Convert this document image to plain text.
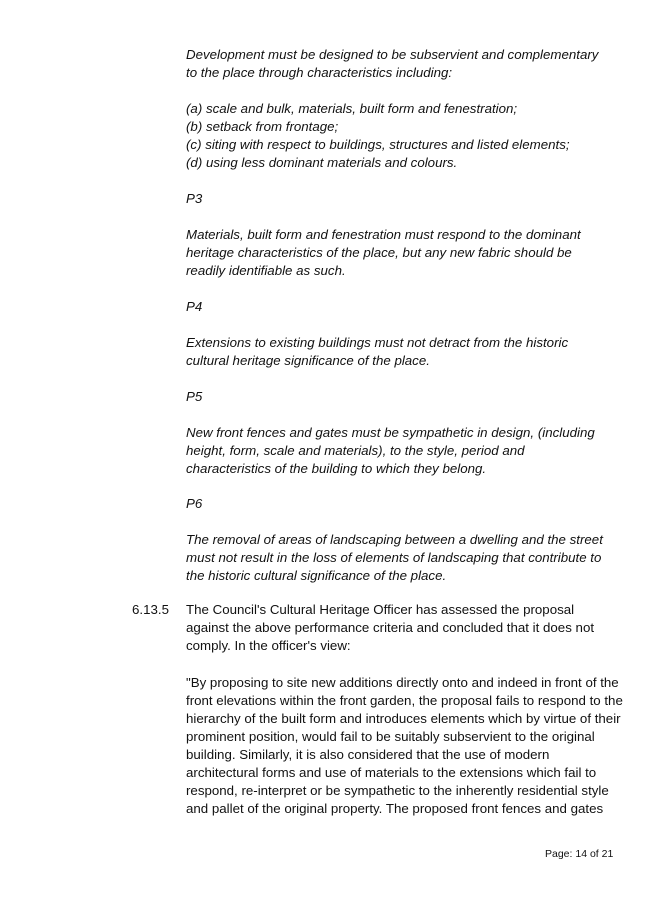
Development must be designed to be subservient and complementary
to the place through characteristics including:
(a) scale and bulk, materials, built form and fenestration;
(b) setback from frontage;
(c) siting with respect to buildings, structures and listed elements;
(d) using less dominant materials and colours.
P3
Materials, built form and fenestration must respond to the dominant
heritage characteristics of the place, but any new fabric should be
readily identifiable as such.
P4
Extensions to existing buildings must not detract from the historic
cultural heritage significance of the place.
P5
New front fences and gates must be sympathetic in design, (including
height, form, scale and materials), to the style, period and
characteristics of the building to which they belong.
P6
The removal of areas of landscaping between a dwelling and the street
must not result in the loss of elements of landscaping that contribute to
the historic cultural significance of the place.
6.13.5 The Council's Cultural Heritage Officer has assessed the proposal
against the above performance criteria and concluded that it does not
comply. In the officer's view:
"By proposing to site new additions directly onto and indeed in front of the
front elevations within the front garden, the proposal fails to respond to the
hierarchy of the built form and introduces elements which by virtue of their
prominent position, would fail to be suitably subservient to the original
building. Similarly, it is also considered that the use of modern
architectural forms and use of materials to the extensions which fail to
respond, re-interpret or be sympathetic to the inherently residential style
and pallet of the original property. The proposed front fences and gates
Page: 14 of 21
